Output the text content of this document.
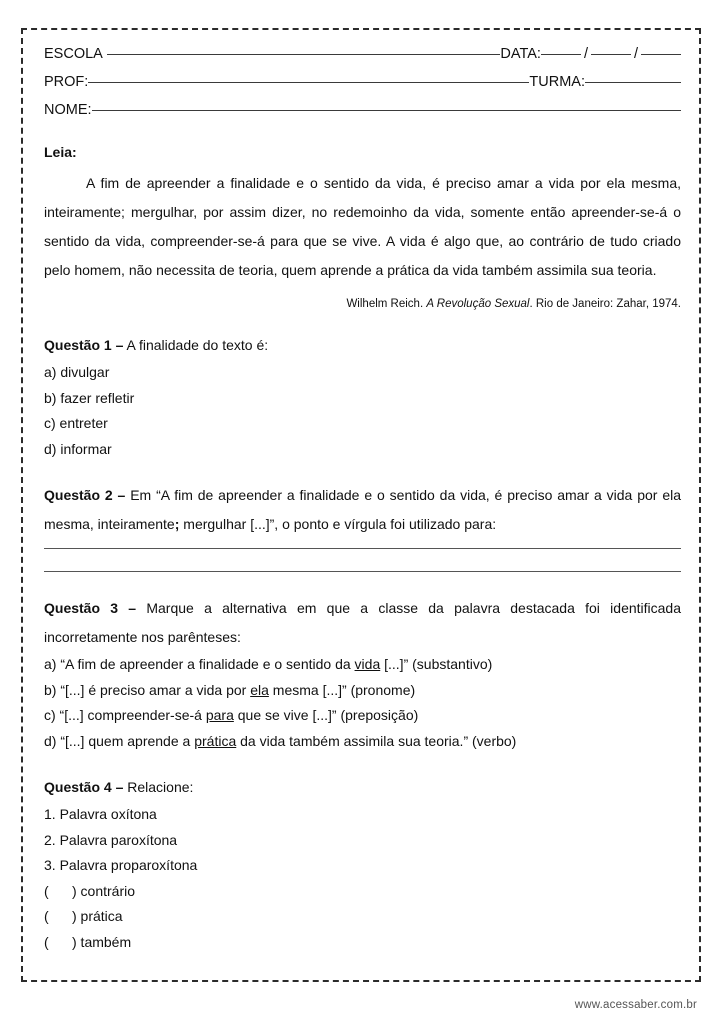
ESCOLA	DATA:	/	/
PROF:	TURMA:
NOME:
Leia:

A fim de apreender a finalidade e o sentido da vida, é preciso amar a vida por ela mesma, inteiramente; mergulhar, por assim dizer, no redemoinho da vida, somente então apreender-se-á o sentido da vida, compreender-se-á para que se vive. A vida é algo que, ao contrário de tudo criado pelo homem, não necessita de teoria, quem aprende a prática da vida também assimila sua teoria.

Wilhelm Reich. A Revolução Sexual. Rio de Janeiro: Zahar, 1974.

Questão 1 – A finalidade do texto é:

a) divulgar

b) fazer refletir

c) entreter

d) informar

Questão 2 – Em “A fim de apreender a finalidade e o sentido da vida, é preciso amar a vida por ela mesma, inteiramente; mergulhar [...]”, o ponto e vírgula foi utilizado para:

Questão 3 – Marque a alternativa em que a classe da palavra destacada foi identificada incorretamente nos parênteses:

a) “A fim de apreender a finalidade e o sentido da vida [...]” (substantivo)

b) “[...] é preciso amar a vida por ela mesma [...]” (pronome)

c) “[...] compreender-se-á para que se vive [...]” (preposição)

d) “[...] quem aprende a prática da vida também assimila sua teoria.” (verbo)

Questão 4 – Relacione:

1. Palavra oxítona

2. Palavra paroxítona

3. Palavra proparoxítona

(      ) contrário

(      ) prática

(      ) também

www.acessaber.com.br
